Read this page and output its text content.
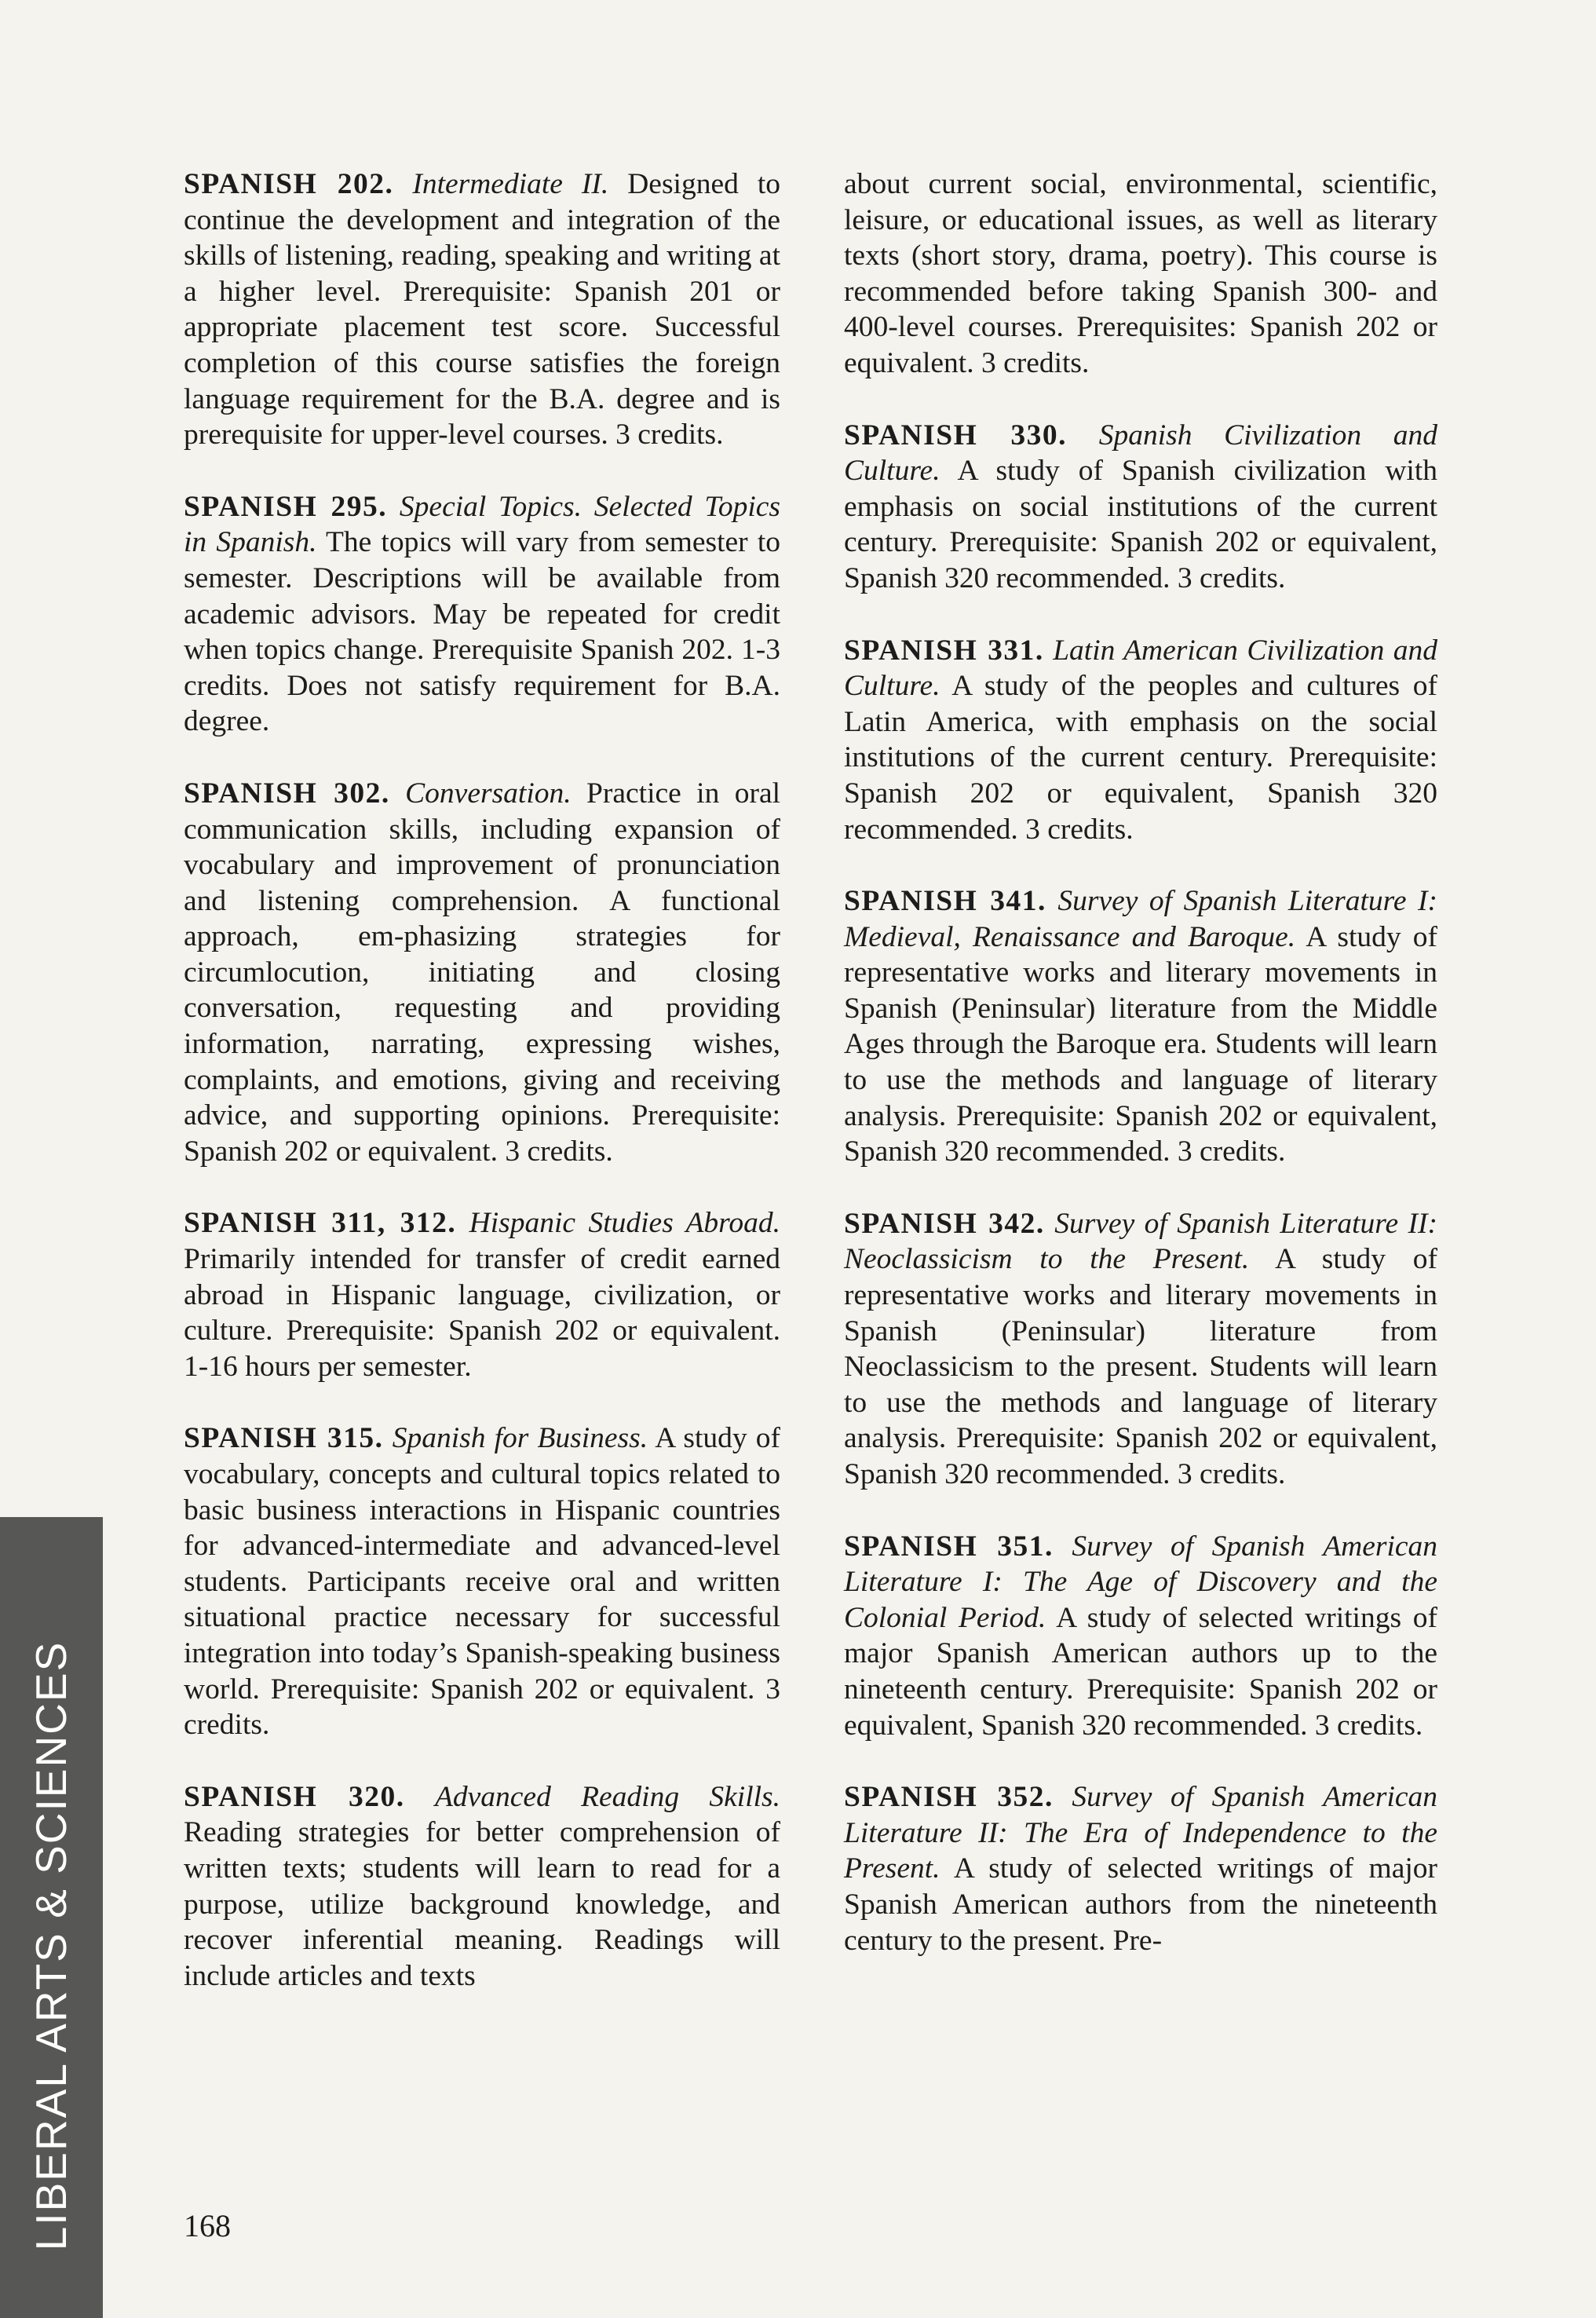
SPANISH 202. Intermediate II. Designed to continue the development and integration of the skills of listening, reading, speaking and writing at a higher level. Prerequisite: Spanish 201 or appropriate placement test score. Successful completion of this course satisfies the foreign language requirement for the B.A. degree and is prerequisite for upper-level courses. 3 credits.

SPANISH 295. Special Topics. Selected Topics in Spanish. The topics will vary from semester to semester. Descriptions will be available from academic advisors. May be repeated for credit when topics change. Prerequisite Spanish 202. 1-3 credits. Does not satisfy requirement for B.A. degree.

SPANISH 302. Conversation. Practice in oral communication skills, including expansion of vocabulary and improvement of pronunciation and listening comprehension. A functional approach, em-phasizing strategies for circumlocution, initiating and closing conversation, requesting and providing information, narrating, expressing wishes, complaints, and emotions, giving and receiving advice, and supporting opinions. Prerequisite: Spanish 202 or equivalent. 3 credits.

SPANISH 311, 312. Hispanic Studies Abroad. Primarily intended for transfer of credit earned abroad in Hispanic language, civilization, or culture. Prerequisite: Spanish 202 or equivalent. 1-16 hours per semester.

SPANISH 315. Spanish for Business. A study of vocabulary, concepts and cultural topics related to basic business interactions in Hispanic countries for advanced-intermediate and advanced-level students. Participants receive oral and written situational practice necessary for successful integration into today’s Spanish-speaking business world. Prerequisite: Spanish 202 or equivalent. 3 credits.

SPANISH 320. Advanced Reading Skills. Reading strategies for better comprehension of written texts; students will learn to read for a purpose, utilize background knowledge, and recover inferential meaning. Readings will include articles and texts

about current social, environmental, scientific, leisure, or educational issues, as well as literary texts (short story, drama, poetry). This course is recommended before taking Spanish 300- and 400-level courses. Prerequisites: Spanish 202 or equivalent. 3 credits.

SPANISH 330. Spanish Civilization and Culture. A study of Spanish civilization with emphasis on social institutions of the current century. Prerequisite: Spanish 202 or equivalent, Spanish 320 recommended. 3 credits.

SPANISH 331. Latin American Civilization and Culture. A study of the peoples and cultures of Latin America, with emphasis on the social institutions of the current century. Prerequisite: Spanish 202 or equivalent, Spanish 320 recommended. 3 credits.

SPANISH 341. Survey of Spanish Literature I: Medieval, Renaissance and Baroque. A study of representative works and literary movements in Spanish (Peninsular) literature from the Middle Ages through the Baroque era. Students will learn to use the methods and language of literary analysis. Prerequisite: Spanish 202 or equivalent, Spanish 320 recommended. 3 credits.

SPANISH 342. Survey of Spanish Literature II: Neoclassicism to the Present. A study of representative works and literary movements in Spanish (Peninsular) literature from Neoclassicism to the present. Students will learn to use the methods and language of literary analysis. Prerequisite: Spanish 202 or equivalent, Spanish 320 recommended. 3 credits.

SPANISH 351. Survey of Spanish American Literature I: The Age of Discovery and the Colonial Period. A study of selected writings of major Spanish American authors up to the nineteenth century. Prerequisite: Spanish 202 or equivalent, Spanish 320 recommended. 3 credits.

SPANISH 352. Survey of Spanish American Literature II: The Era of Independence to the Present. A study of selected writings of major Spanish American authors from the nineteenth century to the present. Pre-

LIBERAL ARTS & SCIENCES	168
